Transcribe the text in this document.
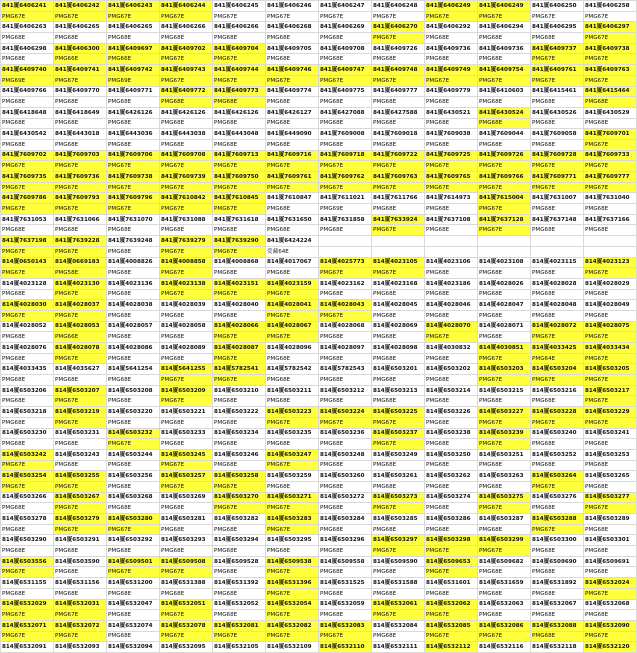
841厦6406241	841厦6406242	841厦6406243	841厦6406244	841厦6406245	841厦6406246	841厦6406247	841厦6406248	841厦6406249	841厦6406249	841厦6406250	841厦6406258
PMG67E	PMG67E	PMG67E	PMG67E	PMG67E	PMG67E	PMG67E	PMG67E	PMG67E	PMG67E	PMG67E	PMG67E
841厦6406263	841厦6406265	841厦6406265	841厦6406266	841厦6406266	841厦6406268	841厦6406269	841厦6406270	841厦6406292	841厦6406294	841厦6406295	841厦6406297
PMG68E	PMG68E	PMG68E	PMG68E	PMG68E	PMG68E	PMG68E	PMG67E	PMG68E	PMG68E	PMG68E	PMG67E
841厦6406298	841厦6406300	841厦6409697	841厦6409702	841厦6409704	841厦6409705	841厦6409708	841厦6409726	841厦6409736	841厦6409736	841厦6409737	841厦6409738
PMG68E	PMG66E	PMG66E	PMG67E	PMG67E	PMG68E	PMG68E	PMG68E	PMG68E	PMG68E	PMG67E	PMG67E
841厦6409740	841厦6409741	841厦6409742	841厦6409743	841厦6409744	841厦6409746	841厦6409747	841厦6409748	841厦6409749	841厦6409754	841厦6409761	841厦6409763
PMG69E	PMG67E	PMG69E	PMG67E	PMG67E	PMG67E	PMG67E	PMG67E	PMG67E	PMG67E	PMG67E	PMG67E
841厦6409766	841厦6409770	841厦6409771	841厦6409772	841厦6409773	841厦6409774	841厦6409775	841厦6409777	841厦6409779	841厦6410603	841厦6415461	841厦6415464
PMG68E	PMG68E	PMG68E	PMG68E	PMG68E	PMG68E	PMG68E	PMG68E	PMG68E	PMG68E	PMG68E	PMG68E
841厦6418648	841厦6418649	841厦6426126	841厦6426126	841厦6426126	841厦6426127	841厦6427088	841厦6427588	841厦6430521	841厦6430524	841厦6430526	841厦6430529
PMG68E	PMG68E	PMG68E	PMG68E	PMG68E	PMG68E	PMG68E	PMG68E	PMG68E	PMG68E	PMG68E	PMG68E
841厦6430542	841厦6443018	841厦6443036	841厦6443038	841厦6443048	841厦6449090	841厦7609008	841厦7609018	841厦7609038	841厦7609044	841厦7609058	841厦7609701
PMG68E	PMG68E	PMG68E	PMG68E	PMG68E	PMG68E	PMG68E	PMG68E	PMG68E	PMG68E	PMG68E	PMG67E
841厦7609702	841厦7609703	841厦7609706	841厦7609708	841厦7609713	841厦7609716	841厦7609718	841厦7609722	841厦7609725	841厦7609726	841厦7609728	841厦7609733
PMG67E	PMG67E	PMG67E	PMG67E	PMG67E	PMG67E	PMG67E	PMG67E	PMG67E	PMG67E	PMG67E	PMG67E
841厦7609735	841厦7609736	841厦7609738	841厦7609739	841厦7609750	841厦7609761	841厦7609762	841厦7609763	841厦7609765	841厦7609766	841厦7609771	841厦7609777
PMG67E	PMG67E	PMG67E	PMG67E	PMG67E	PMG67E	PMG67E	PMG67E	PMG67E	PMG67E	PMG67E	PMG67E
841厦7609786	841厦7609793	841厦7609796	841厦7610842	841厦7610845	841厦7610847	841厦7611021	841厦7611766	841厦7614973	841厦7615004	841厦7631007	841厦7631040
PMG67E	PMG67E	PMG67E	PMG67E	PMG67E	PMG68E	PMG69E	PMG68E	PMG68E	PMG67E	PMG68E	PMG68E
841厦7631053	841厦7631066	841厦7631070	841厦7631088	841厦7631618	841厦7631650	841厦7631858	841厦7633924	841厦7637108	841厦7637128	841厦7637148	841厦7637166
PMG68E	PMG68E	PMG68E	PMG68E	PMG68E	PMG68E	PMG68E	PMG67E	PMG68E	PMG67E	PMG68E	PMG68E
841厦7637198	841厦7639228	841厦7639248	841厦7639279	841厦7639290	841厦6424224						
PMG67E	PMG67E	PMG68E	PMG67E	PMG67E	爱藏64E						
814厦0650143	814厦0669183	814厦4008826	814厦4008858	814厦4008868	814厦4017067	814厦4025773	814厦4023105	814厦4023106	814厦4023108	814厦4023115	814厦4023123
PMG67E	PMG58E	PMG68E	PMG67E	PMG68E	PMG68E	PMG67E	PMG67E	PMG68E	PMG68E	PMG68E	PMG67E
814厦4023128	814厦4023130	814厦4023136	814厦4023138	814厦4023151	814厦4023159	814厦4023162	814厦4023168	814厦4023186	814厦4028026	814厦4028028	814厦4028029
PMG68E	PMG67E	PMG68E	PMG67E	PMG67E	PMG67E	PMG68E	PMG68E	PMG68E	PMG68E	PMG68E	PMG68E
814厦4028030	814厦4028037	814厦4028038	814厦4028039	814厦4028040	814厦4028041	814厦4028043	814厦4028045	814厦4028046	814厦4028047	814厦4028048	814厦4028049
PMG67E	PMG67E	PMG68E	PMG68E	PMG68E	PMG67E	PMG67E	PMG68E	PMG68E	PMG68E	PMG68E	PMG68E
814厦4028052	814厦4028053	814厦4028057	814厦4028058	814厦4028066	814厦4028067	814厦4028068	814厦4028069	814厦4028070	814厦4028071	814厦4028072	814厦4028075
PMG68E	PMG66E	PMG68E	PMG68E	PMG67E	PMG67E	PMG68E	PMG68E	PMG67E	PMG68E	PMG67E	PMG67E
814厦4028076	814厦4028078	814厦4028086	814厦4028089	814厦4028087	814厦4028096	814厦4028097	814厦4028098	814厦4030832	814厦4030851	814厦4033425	814厦4033434
PMG68E	PMG67E	PMG68E	PMG68E	PMG67E	PMG68E	PMG68E	PMG68E	PMG68E	PMG67E	PMG64E	PMG67E
814厦4033435	814厦4035627	814厦5641254	814厦5641255	814厦5782541	814厦5782542	814厦5782543	814厦6503201	814厦6503202	814厦6503203	814厦6503204	814厦6503205
PMG68E	PMG68E	PMG68E	PMG67E	PMG67E	PMG68E	PMG68E	PMG68E	PMG68E	PMG67E	PMG67E	PMG67E
814厦6503206	814厦6503207	814厦6503208	814厦6503209	814厦6503210	814厦6503211	814厦6503212	814厦6503213	814厦6503214	814厦6503215	814厦6503216	814厦6503217
PMG68E	PMG67E	PMG68E	PMG67E	PMG68E	PMG68E	PMG68E	PMG68E	PMG68E	PMG68E	PMG68E	PMG67E
814厦6503218	814厦6503219	814厦6503220	814厦6503221	814厦6503222	814厦6503223	814厦6503224	814厦6503225	814厦6503226	814厦6503227	814厦6503228	814厦6503229
PMG68E	PMG67E	PMG68E	PMG68E	PMG68E	PMG67E	PMG67E	PMG67E	PMG68E	PMG67E	PMG67E	PMG67E
814厦6503230	814厦6503231	814厦6503232	814厦6503233	814厦6503234	814厦6503235	814厦6503236	814厦6503237	814厦6503238	814厦6503239	814厦6503240	814厦6503241
PMG68E	PMG68E	PMG67E	PMG68E	PMG68E	PMG68E	PMG68E	PMG67E	PMG68E	PMG67E	PMG68E	PMG68E
814厦6503242	814厦6503243	814厦6503244	814厦6503245	814厦6503246	814厦6503247	814厦6503248	814厦6503249	814厦6503250	814厦6503251	814厦6503252	814厦6503253
PMG67E	PMG68E	PMG68E	PMG67E	PMG68E	PMG67E	PMG68E	PMG68E	PMG68E	PMG68E	PMG68E	PMG68E
814厦6503254	814厦6503255	814厦6503256	814厦6503257	814厦6503258	814厦6503259	814厦6503260	814厦6503261	814厦6503262	814厦6503263	814厦6503264	814厦6503265
PMG67E	PMG67E	PMG68E	PMG67E	PMG67E	PMG68E	PMG68E	PMG68E	PMG68E	PMG68E	PMG67E	PMG68E
814厦6503266	814厦6503267	814厦6503268	814厦6503269	814厦6503270	814厦6503271	814厦6503272	814厦6503273	814厦6503274	814厦6503275	814厦6503276	814厦6503277
PMG68E	PMG67E	PMG68E	PMG68E	PMG67E	PMG67E	PMG68E	PMG67E	PMG68E	PMG67E	PMG68E	PMG67E
814厦6503278	814厦6503279	814厦6503280	814厦6503281	814厦6503282	814厦6503283	814厦6503284	814厦6503285	814厦6503286	814厦6503287	814厦6503288	814厦6503289
PMG68E	PMG67E	PMG67E	PMG68E	PMG68E	PMG67E	PMG68E	PMG68E	PMG68E	PMG68E	PMG67E	PMG68E
814厦6503290	814厦6503291	814厦6503292	814厦6503293	814厦6503294	814厦6503295	814厦6503296	814厦6503297	814厦6503298	814厦6503299	814厦6503300	814厦6503301
PMG68E	PMG68E	PMG68E	PMG68E	PMG68E	PMG68E	PMG68E	PMG67E	PMG67E	PMG67E	PMG68E	PMG68E
814厦6503556	814厦6503590	814厦6509501	814厦6509508	814厦6509528	814厦6509538	814厦6509558	814厦6509590	814厦6509653	814厦6509682	814厦6509690	814厦6509691
PMG67E	PMG68E	PMG67E	PMG67E	PMG68E	PMG67E	PMG68E	PMG68E	PMG67E	PMG68E	PMG68E	PMG68E
814厦6531155	814厦6531156	814厦6531200	814厦6531388	814厦6531392	814厦6531396	814厦6531525	814厦6531588	814厦6531601	814厦6531659	814厦6531892	814厦6532024
PMG68E	PMG68E	PMG68E	PMG68E	PMG68E	PMG67E	PMG68E	PMG68E	PMG68E	PMG68E	PMG68E	PMG67E
814厦6532029	814厦6532031	814厦6532047	814厦6532051	814厦6532052	814厦6532054	814厦6532059	814厦6532061	814厦6532062	814厦6532063	814厦6532067	814厦6532068
PMG67E	PMG67E	PMG68E	PMG67E	PMG68E	PMG67E	PMG68E	PMG67E	PMG67E	PMG68E	PMG68E	PMG68E
814厦6532071	814厦6532072	814厦6532074	814厦6532078	814厦6532081	814厦6532082	814厦6532083	814厦6532084	814厦6532085	814厦6532086	814厦6532088	814厦6532090
PMG67E	PMG67E	PMG68E	PMG67E	PMG67E	PMG67E	PMG67E	PMG68E	PMG67E	PMG67E	PMG68E	PMG67E
814厦6532091	814厦6532093	814厦6532094	814厦6532095	814厦6532105	814厦6532109	814厦6532110	814厦6532111	814厦6532112	814厦6532116	814厦6532118	814厦6532120
